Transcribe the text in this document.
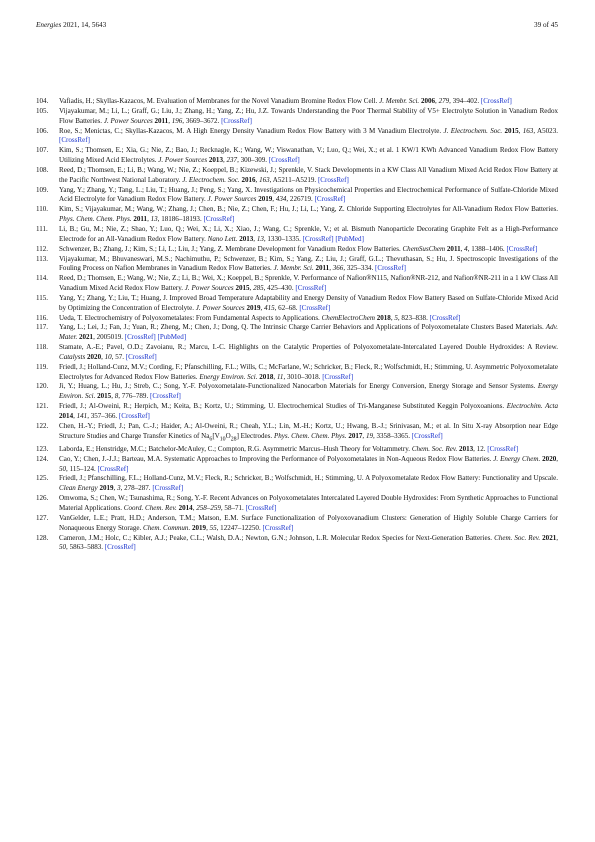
Energies 2021, 14, 5643	39 of 45
104. Vafiadis, H.; Skyllas-Kazacos, M. Evaluation of Membranes for the Novel Vanadium Bromine Redox Flow Cell. J. Membr. Sci. 2006, 279, 394–402. [CrossRef]
105. Vijayakumar, M.; Li, L.; Graff, G.; Liu, J.; Zhang, H.; Yang, Z.; Hu, J.Z. Towards Understanding the Poor Thermal Stability of V5+ Electrolyte Solution in Vanadium Redox Flow Batteries. J. Power Sources 2011, 196, 3669–3672. [CrossRef]
106. Roe, S.; Menictas, C.; Skyllas-Kazacos, M. A High Energy Density Vanadium Redox Flow Battery with 3 M Vanadium Electrolyte. J. Electrochem. Soc. 2015, 163, A5023. [CrossRef]
107. Kim, S.; Thomsen, E.; Xia, G.; Nie, Z.; Bao, J.; Recknagle, K.; Wang, W.; Viswanathan, V.; Luo, Q.; Wei, X.; et al. 1 KW/1 KWh Advanced Vanadium Redox Flow Battery Utilizing Mixed Acid Electrolytes. J. Power Sources 2013, 237, 300–309. [CrossRef]
108. Reed, D.; Thomsen, E.; Li, B.; Wang, W.; Nie, Z.; Koeppel, B.; Kizewski, J.; Sprenkle, V. Stack Developments in a KW Class All Vanadium Mixed Acid Redox Flow Battery at the Pacific Northwest National Laboratory. J. Electrochem. Soc. 2016, 163, A5211–A5219. [CrossRef]
109. Yang, Y.; Zhang, Y.; Tang, L.; Liu, T.; Huang, J.; Peng, S.; Yang, X. Investigations on Physicochemical Properties and Electrochemical Performance of Sulfate-Chloride Mixed Acid Electrolyte for Vanadium Redox Flow Battery. J. Power Sources 2019, 434, 226719. [CrossRef]
110. Kim, S.; Vijayakumar, M.; Wang, W.; Zhang, J.; Chen, B.; Nie, Z.; Chen, F.; Hu, J.; Li, L.; Yang, Z. Chloride Supporting Electrolytes for All-Vanadium Redox Flow Batteries. Phys. Chem. Chem. Phys. 2011, 13, 18186–18193. [CrossRef]
111. Li, B.; Gu, M.; Nie, Z.; Shao, Y.; Luo, Q.; Wei, X.; Li, X.; Xiao, J.; Wang, C.; Sprenkle, V.; et al. Bismuth Nanoparticle Decorating Graphite Felt as a High-Performance Electrode for an All-Vanadium Redox Flow Battery. Nano Lett. 2013, 13, 1330–1335. [CrossRef] [PubMed]
112. Schwenzer, B.; Zhang, J.; Kim, S.; Li, L.; Liu, J.; Yang, Z. Membrane Development for Vanadium Redox Flow Batteries. ChemSusChem 2011, 4, 1388–1406. [CrossRef]
113. Vijayakumar, M.; Bhuvaneswari, M.S.; Nachimuthu, P.; Schwenzer, B.; Kim, S.; Yang, Z.; Liu, J.; Graff, G.L.; Thevuthasan, S.; Hu, J. Spectroscopic Investigations of the Fouling Process on Nafion Membranes in Vanadium Redox Flow Batteries. J. Membr. Sci. 2011, 366, 325–334. [CrossRef]
114. Reed, D.; Thomsen, E.; Wang, W.; Nie, Z.; Li, B.; Wei, X.; Koeppel, B.; Sprenkle, V. Performance of Nafion®N115, Nafion®NR-212, and Nafion®NR-211 in a 1 kW Class All Vanadium Mixed Acid Redox Flow Battery. J. Power Sources 2015, 285, 425–430. [CrossRef]
115. Yang, Y.; Zhang, Y.; Liu, T.; Huang, J. Improved Broad Temperature Adaptability and Energy Density of Vanadium Redox Flow Battery Based on Sulfate-Chloride Mixed Acid by Optimizing the Concentration of Electrolyte. J. Power Sources 2019, 415, 62–68. [CrossRef]
116. Ueda, T. Electrochemistry of Polyoxometalates: From Fundamental Aspects to Applications. ChemElectroChem 2018, 5, 823–838. [CrossRef]
117. Yang, L.; Lei, J.; Fan, J.; Yuan, R.; Zheng, M.; Chen, J.; Dong, Q. The Intrinsic Charge Carrier Behaviors and Applications of Polyoxometalate Clusters Based Materials. Adv. Mater. 2021, 2005019. [CrossRef] [PubMed]
118. Stamate, A.-E.; Pavel, O.D.; Zavoianu, R.; Marcu, I.-C. Highlights on the Catalytic Properties of Polyoxometalate-Intercalated Layered Double Hydroxides: A Review. Catalysts 2020, 10, 57. [CrossRef]
119. Friedl, J.; Holland-Cunz, M.V.; Cording, F.; Pfanschilling, F.L.; Wills, C.; McFarlane, W.; Schricker, B.; Fleck, R.; Wolfschmidt, H.; Stimming, U. Asymmetric Polyoxometalate Electrolytes for Advanced Redox Flow Batteries. Energy Environ. Sci. 2018, 11, 3010–3018. [CrossRef]
120. Ji, Y.; Huang, L.; Hu, J.; Streb, C.; Song, Y.-F. Polyoxometalate-Functionalized Nanocarbon Materials for Energy Conversion, Energy Storage and Sensor Systems. Energy Environ. Sci. 2015, 8, 776–789. [CrossRef]
121. Friedl, J.; Al-Oweini, R.; Herpich, M.; Keita, B.; Kortz, U.; Stimming, U. Electrochemical Studies of Tri-Manganese Substituted Keggin Polyoxoanions. Electrochim. Acta 2014, 141, 357–366. [CrossRef]
122. Chen, H.-Y.; Friedl, J.; Pan, C.-J.; Haider, A.; Al-Oweini, R.; Cheah, Y.L.; Lin, M.-H.; Kortz, U.; Hwang, B.-J.; Srinivasan, M.; et al. In Situ X-ray Absorption near Edge Structure Studies and Charge Transfer Kinetics of $Na_6[V_{10}O_{28}]$ Electrodes. Phys. Chem. Chem. Phys. 2017, 19, 3358–3365. [CrossRef]
123. Laborda, E.; Henstridge, M.C.; Batchelor-McAuley, C.; Compton, R.G. Asymmetric Marcus–Hush Theory for Voltammetry. Chem. Soc. Rev. 2013, 12. [CrossRef]
124. Cao, Y.; Chen, J.-J.J.; Barteau, M.A. Systematic Approaches to Improving the Performance of Polyoxometalates in Non-Aqueous Redox Flow Batteries. J. Energy Chem. 2020, 50, 115–124. [CrossRef]
125. Friedl, J.; Pfanschilling, F.L.; Holland-Cunz, M.V.; Fleck, R.; Schricker, B.; Wolfschmidt, H.; Stimming, U. A Polyoxometalate Redox Flow Battery: Functionality and Upscale. Clean Energy 2019, 3, 278–287. [CrossRef]
126. Omwoma, S.; Chen, W.; Tsunashima, R.; Song, Y.-F. Recent Advances on Polyoxometalates Intercalated Layered Double Hydroxides: From Synthetic Approaches to Functional Material Applications. Coord. Chem. Rev. 2014, 258–259, 58–71. [CrossRef]
127. VanGelder, L.E.; Pratt, H.D.; Anderson, T.M.; Matson, E.M. Surface Functionalization of Polyoxovanadium Clusters: Generation of Highly Soluble Charge Carriers for Nonaqueous Energy Storage. Chem. Commun. 2019, 55, 12247–12250. [CrossRef]
128. Cameron, J.M.; Holc, C.; Kibler, A.J.; Peake, C.L.; Walsh, D.A.; Newton, G.N.; Johnson, L.R. Molecular Redox Species for Next-Generation Batteries. Chem. Soc. Rev. 2021, 50, 5863–5883. [CrossRef]
